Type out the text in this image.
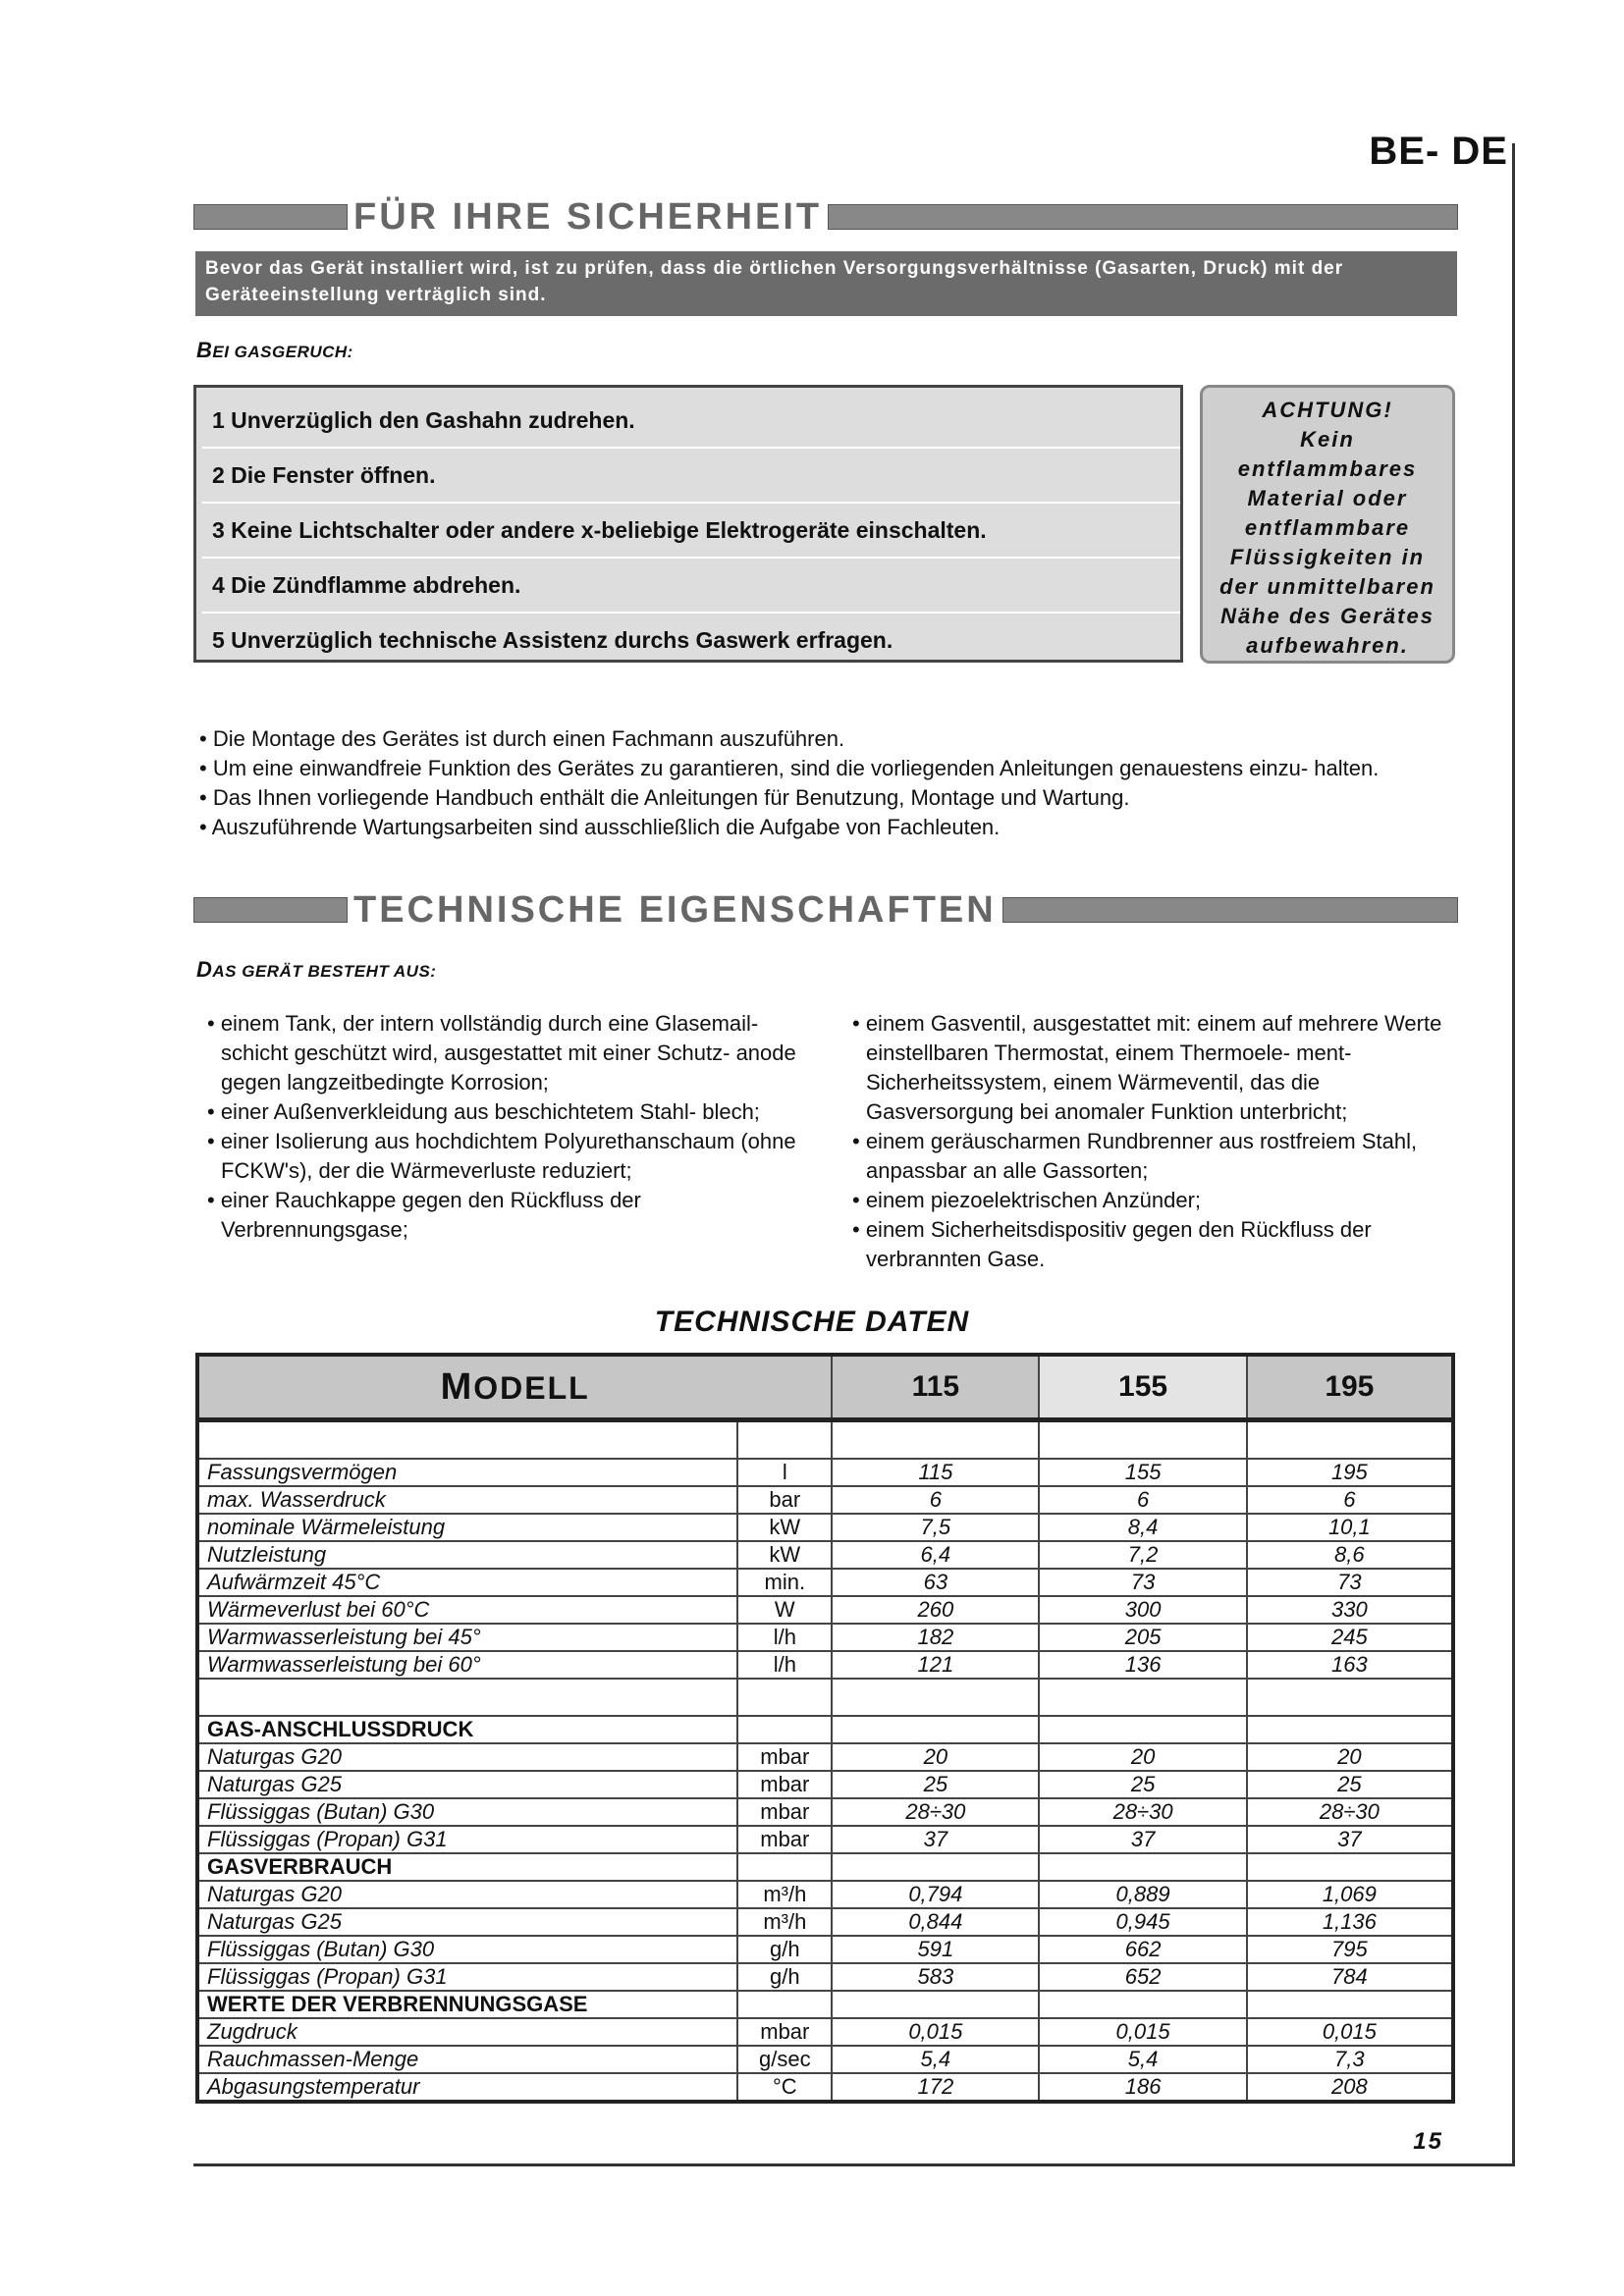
BE- DE
FÜR IHRE SICHERHEIT
Bevor das Gerät installiert wird, ist zu prüfen, dass die örtlichen Versorgungsverhältnisse (Gasarten, Druck) mit der Geräteeinstellung verträglich sind.
BEI GASGERUCH:
1 Unverzüglich den Gashahn zudrehen.
2 Die Fenster öffnen.
3 Keine Lichtschalter oder andere x-beliebige Elektrogeräte einschalten.
4 Die Zündflamme abdrehen.
5 Unverzüglich technische Assistenz durchs Gaswerk erfragen.
ACHTUNG!
Kein
entflammbares
Material oder
entflammbare
Flüssigkeiten in
der unmittelbaren
Nähe des Gerätes
aufbewahren.
• Die Montage des Gerätes ist durch einen Fachmann auszuführen.
• Um eine einwandfreie Funktion des Gerätes zu garantieren, sind die vorliegenden Anleitungen genauestens einzu- halten.
• Das Ihnen vorliegende Handbuch enthält die Anleitungen für Benutzung, Montage und Wartung.
• Auszuführende Wartungsarbeiten sind ausschließlich die Aufgabe von Fachleuten.
TECHNISCHE EIGENSCHAFTEN
DAS GERÄT BESTEHT AUS:
• einem Tank, der intern vollständig durch eine Glasemail- schicht geschützt wird, ausgestattet mit einer Schutz- anode gegen langzeitbedingte Korrosion;
• einer Außenverkleidung aus beschichtetem Stahl- blech;
• einer Isolierung aus hochdichtem Polyurethanschaum (ohne FCKW's), der die Wärmeverluste reduziert;
• einer Rauchkappe gegen den Rückfluss der Verbrennungsgase;
• einem Gasventil, ausgestattet mit: einem auf mehrere Werte einstellbaren Thermostat, einem Thermoele- ment-Sicherheitssystem, einem Wärmeventil, das die Gasversorgung bei anomaler Funktion unterbricht;
• einem geräuscharmen Rundbrenner aus rostfreiem Stahl, anpassbar an alle Gassorten;
• einem piezoelektrischen Anzünder;
• einem Sicherheitsdispositiv gegen den Rückfluss der verbrannten Gase.
TECHNISCHE DATEN
MODELL		115	155	195

Fassungsvermögen	l	115	155	195
max. Wasserdruck	bar	6	6	6
nominale Wärmeleistung	kW	7,5	8,4	10,1
Nutzleistung	kW	6,4	7,2	8,6
Aufwärmzeit 45°C	min.	63	73	73
Wärmeverlust bei 60°C	W	260	300	330
Warmwasserleistung bei 45°	l/h	182	205	245
Warmwasserleistung bei 60°	l/h	121	136	163

GAS-ANSCHLUSSDRUCK				
Naturgas G20	mbar	20	20	20
Naturgas G25	mbar	25	25	25
Flüssiggas (Butan) G30	mbar	28÷30	28÷30	28÷30
Flüssiggas (Propan) G31	mbar	37	37	37
GASVERBRAUCH				
Naturgas G20	m³/h	0,794	0,889	1,069
Naturgas G25	m³/h	0,844	0,945	1,136
Flüssiggas (Butan) G30	g/h	591	662	795
Flüssiggas (Propan) G31	g/h	583	652	784
WERTE DER VERBRENNUNGSGASE				
Zugdruck	mbar	0,015	0,015	0,015
Rauchmassen-Menge	g/sec	5,4	5,4	7,3
Abgasungstemperatur	°C	172	186	208
15
